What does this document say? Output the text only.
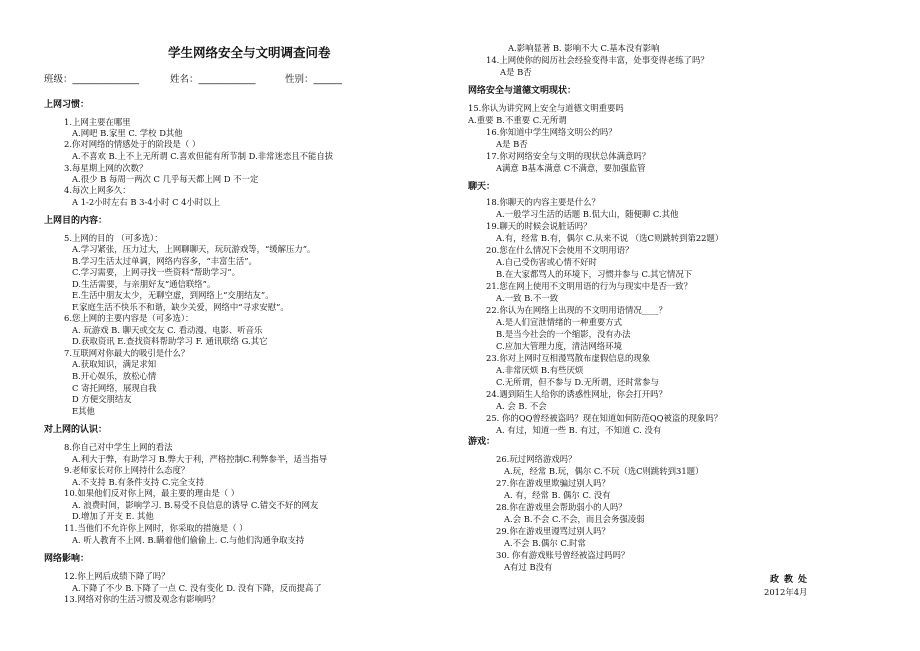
学生网络安全与文明调查问卷
班级：______________	姓名：____________	性别：______
上网习惯：
1.上网主要在哪里
A.网吧 B.家里 C. 学校 D其他
2.你对网络的情感处于的阶段是（ ）
A.不喜欢 B.上不上无所谓 C.喜欢但能有所节制 D.非常迷恋且不能自拔
3.每星期上网的次数？
A.很少 B 每周一两次 C 几乎每天都上网 D 不一定
4.每次上网多久：
A 1-2小时左右 B 3-4小时 C 4小时以上
上网目的内容：
5.上网的目的 （可多选）：
A.学习紧张，压力过大，上网聊聊天，玩玩游戏等，“缓解压力”。
B.学习生活太过单调，网络内容多，“丰富生活”。
C.学习需要，上网寻找一些资料“帮助学习”。
D.生活需要，与亲朋好友“通信联络”。
E.生活中朋友太少，无聊空虚，到网络上“交朋结友”。
F.家庭生活不快乐不和谐，缺少关爱，网络中“寻求安慰”。
6.您上网的主要内容是（可多选）：
A. 玩游戏 B. 聊天或交友 C. 看动漫、电影、听音乐
D.获取资讯 E.查找资料帮助学习 F. 通讯联络 G.其它
7.互联网对你最大的吸引是什么？
A.获取知识，满足求知
B.开心娱乐，放松心情
C 寄托网络，展现自我
D 方便交朋结友
E其他
对上网的认识：
8.你自己对中学生上网的看法
A.利大于弊，有助学习 B.弊大于利，严格控制C.利弊参半，适当指导
9.老师家长对你上网持什么态度？
A.不支持 B.有条件支持 C.完全支持
10.如果他们反对你上网，最主要的理由是（ ）
A. 浪费时间，影响学习. B.易受不良信息的诱导 C.错交不好的网友
D.增加了开支 E. 其他
11.当他们不允许你上网时，你采取的措施是（ ）
A. 听人教育不上网. B.瞒着他们偷偷上. C.与他们沟通争取支持
网络影响：
12.你上网后成绩下降了吗？
A.下降了不少 B.下降了一点 C. 没有变化 D. 没有下降，反而提高了
13.网络对你的生活习惯及观念有影响吗？
A.影响显著 B. 影响不大 C.基本没有影响
14.上网使你的阅历社会经验变得丰富，处事变得老练了吗？
A是 B否
网络安全与道德文明现状：
15.你认为讲究网上安全与道德文明重要吗
A.重要 B.不重要 C.无所谓
16.你知道中学生网络文明公约吗？
A是 B否
17.你对网络安全与文明的现状总体满意吗？
A满意 B基本满意 C不满意，要加强监管
聊天：
18.你聊天的内容主要是什么？
A.一般学习生活的话题 B.侃大山，随便聊 C.其他
19.聊天的时候会说脏话吗？
A.有，经常 B.有，偶尔 C.从来不说 （选C则跳转到第22题）
20.您在什么情况下会使用不文明用语？
A.自己受伤害或心情不好时
B.在大家都骂人的环境下，习惯并参与 C.其它情况下
21.您在网上使用不文明用语的行为与现实中是否一致？
A.一致 B.不一致
22.你认为在网络上出现的不文明用语情况____？
A.是人们宣泄情绪的一种重要方式
B.是当今社会的一个缩影，没有办法
C.应加大管理力度，清洁网络环境
23.你对上网时互相漫骂散布虚假信息的现象
A.非常厌烦 B.有些厌烦
C.无所谓，但不参与 D.无所谓，还时常参与
24.遇到陌生人给你的诱惑性网址，你会打开吗？
A. 会 B. 不会
25. 你的QQ曾经被盗吗？现在知道如何防范QQ被盗的现象吗？
A. 有过，知道一些 B. 有过，不知道 C. 没有
游戏：
26.玩过网络游戏吗？
A.玩，经常 B.玩，偶尔 C.不玩（选C则跳转到31题）
27.你在游戏里欺骗过别人吗？
A. 有，经常 B. 偶尔 C. 没有
28.你在游戏里会帮助弱小的人吗？
A.会 B.不会 C.不会，而且会务强凌弱
29.你在游戏里谩骂过别人吗？
A.不会 B.偶尔 C.时常
30. 你有游戏账号曾经被盗过吗吗？
A有过 B没有
政教处
2012年4月
